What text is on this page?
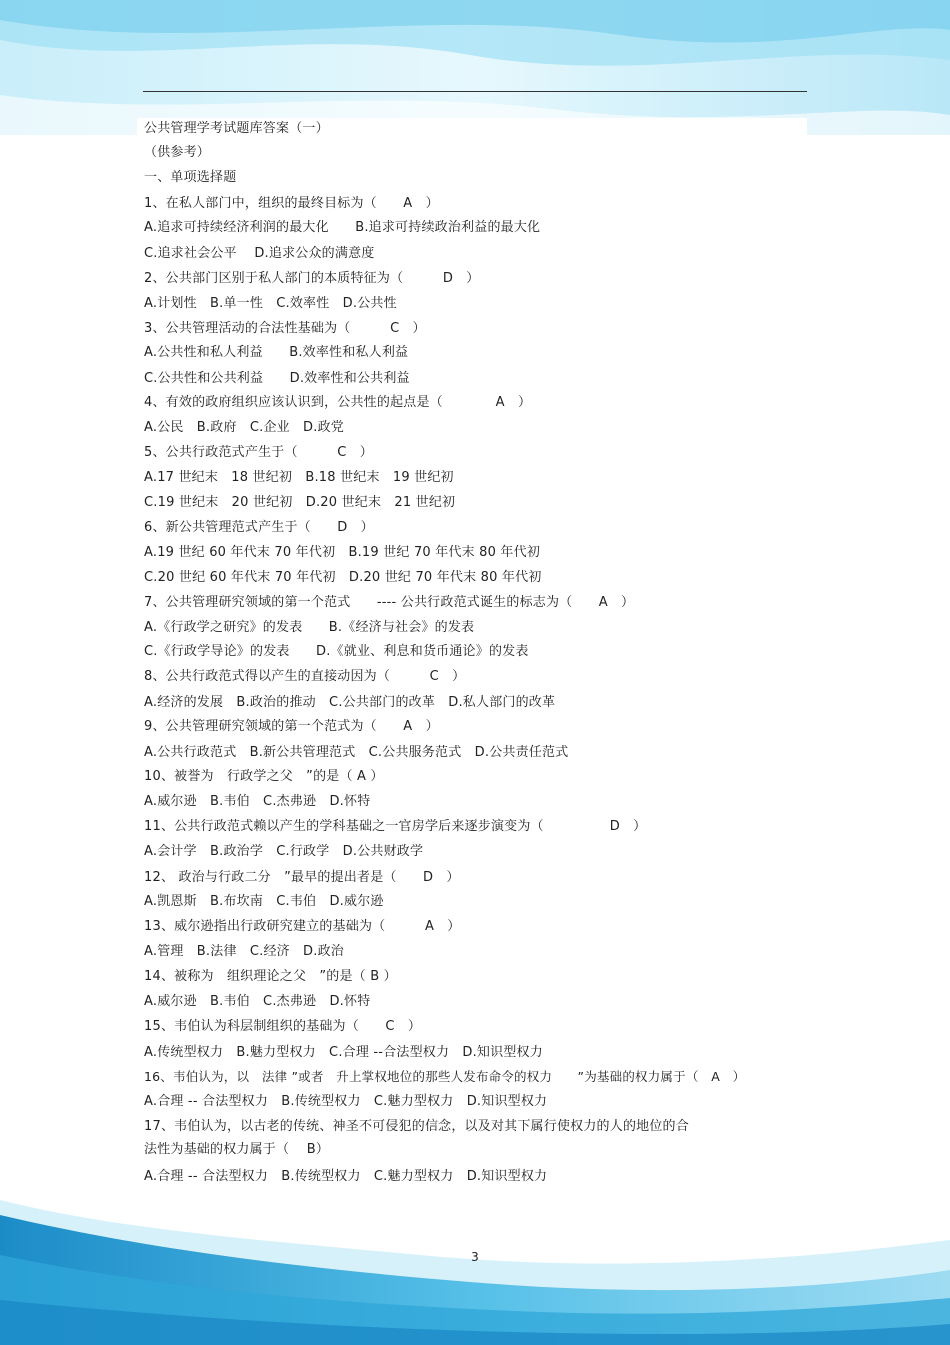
公共管理学考试题库答案（一）
（供参考）
一、单项选择题
1、在私人部门中，组织的最终目标为（　　A　）
A.追求可持续经济利润的最大化　　B.追求可持续政治利益的最大化
C.追求社会公平　 D.追求公众的满意度
2、公共部门区别于私人部门的本质特征为（　　　D　）
A.计划性　B.单一性　C.效率性　D.公共性
3、公共管理活动的合法性基础为（　　　C　）
A.公共性和私人利益　　B.效率性和私人利益
C.公共性和公共利益　　D.效率性和公共利益
4、有效的政府组织应该认识到，公共性的起点是（　　　　A　）
A.公民　B.政府　C.企业　D.政党
5、公共行政范式产生于（　　　C　）
A.17 世纪末　18 世纪初　B.18 世纪末　19 世纪初
C.19 世纪末　20 世纪初　D.20 世纪末　21 世纪初
6、新公共管理范式产生于（　　D　）
A.19 世纪 60 年代末 70 年代初　B.19 世纪 70 年代末 80 年代初
C.20 世纪 60 年代末 70 年代初　D.20 世纪 70 年代末 80 年代初
7、公共管理研究领域的第一个范式　　---- 公共行政范式诞生的标志为（　　A　）
A.《行政学之研究》的发表　　B.《经济与社会》的发表
C.《行政学导论》的发表　　D.《就业、利息和货币通论》的发表
8、公共行政范式得以产生的直接动因为（　　　C　）
A.经济的发展　B.政治的推动　C.公共部门的改革　D.私人部门的改革
9、公共管理研究领域的第一个范式为（　　A　）
A.公共行政范式　B.新公共管理范式　C.公共服务范式　D.公共责任范式
10、被誉为　行政学之父　”的是（ A ）
A.威尔逊　B.韦伯　C.杰弗逊　D.怀特
11、公共行政范式赖以产生的学科基础之一官房学后来逐步演变为（　　　　　D　）
A.会计学　B.政治学　C.行政学　D.公共财政学
12、 政治与行政二分　”最早的提出者是（　　D　）
A.凯恩斯　B.布坎南　C.韦伯　D.威尔逊
13、威尔逊指出行政研究建立的基础为（　　　A　）
A.管理　B.法律　C.经济　D.政治
14、被称为　组织理论之父　”的是（ B ）
A.威尔逊　B.韦伯　C.杰弗逊　D.怀特
15、韦伯认为科层制组织的基础为（　　C　）
A.传统型权力　B.魅力型权力　C.合理 --合法型权力　D.知识型权力
16、韦伯认为，以　法律 ”或者　升上掌权地位的那些人发布命令的权力　　”为基础的权力属于（　A　）
A.合理 -- 合法型权力　B.传统型权力　C.魅力型权力　D.知识型权力
17、韦伯认为，以古老的传统、神圣不可侵犯的信念，以及对其下属行使权力的人的地位的合
法性为基础的权力属于（　 B）
A.合理 -- 合法型权力　B.传统型权力　C.魅力型权力　D.知识型权力
3
